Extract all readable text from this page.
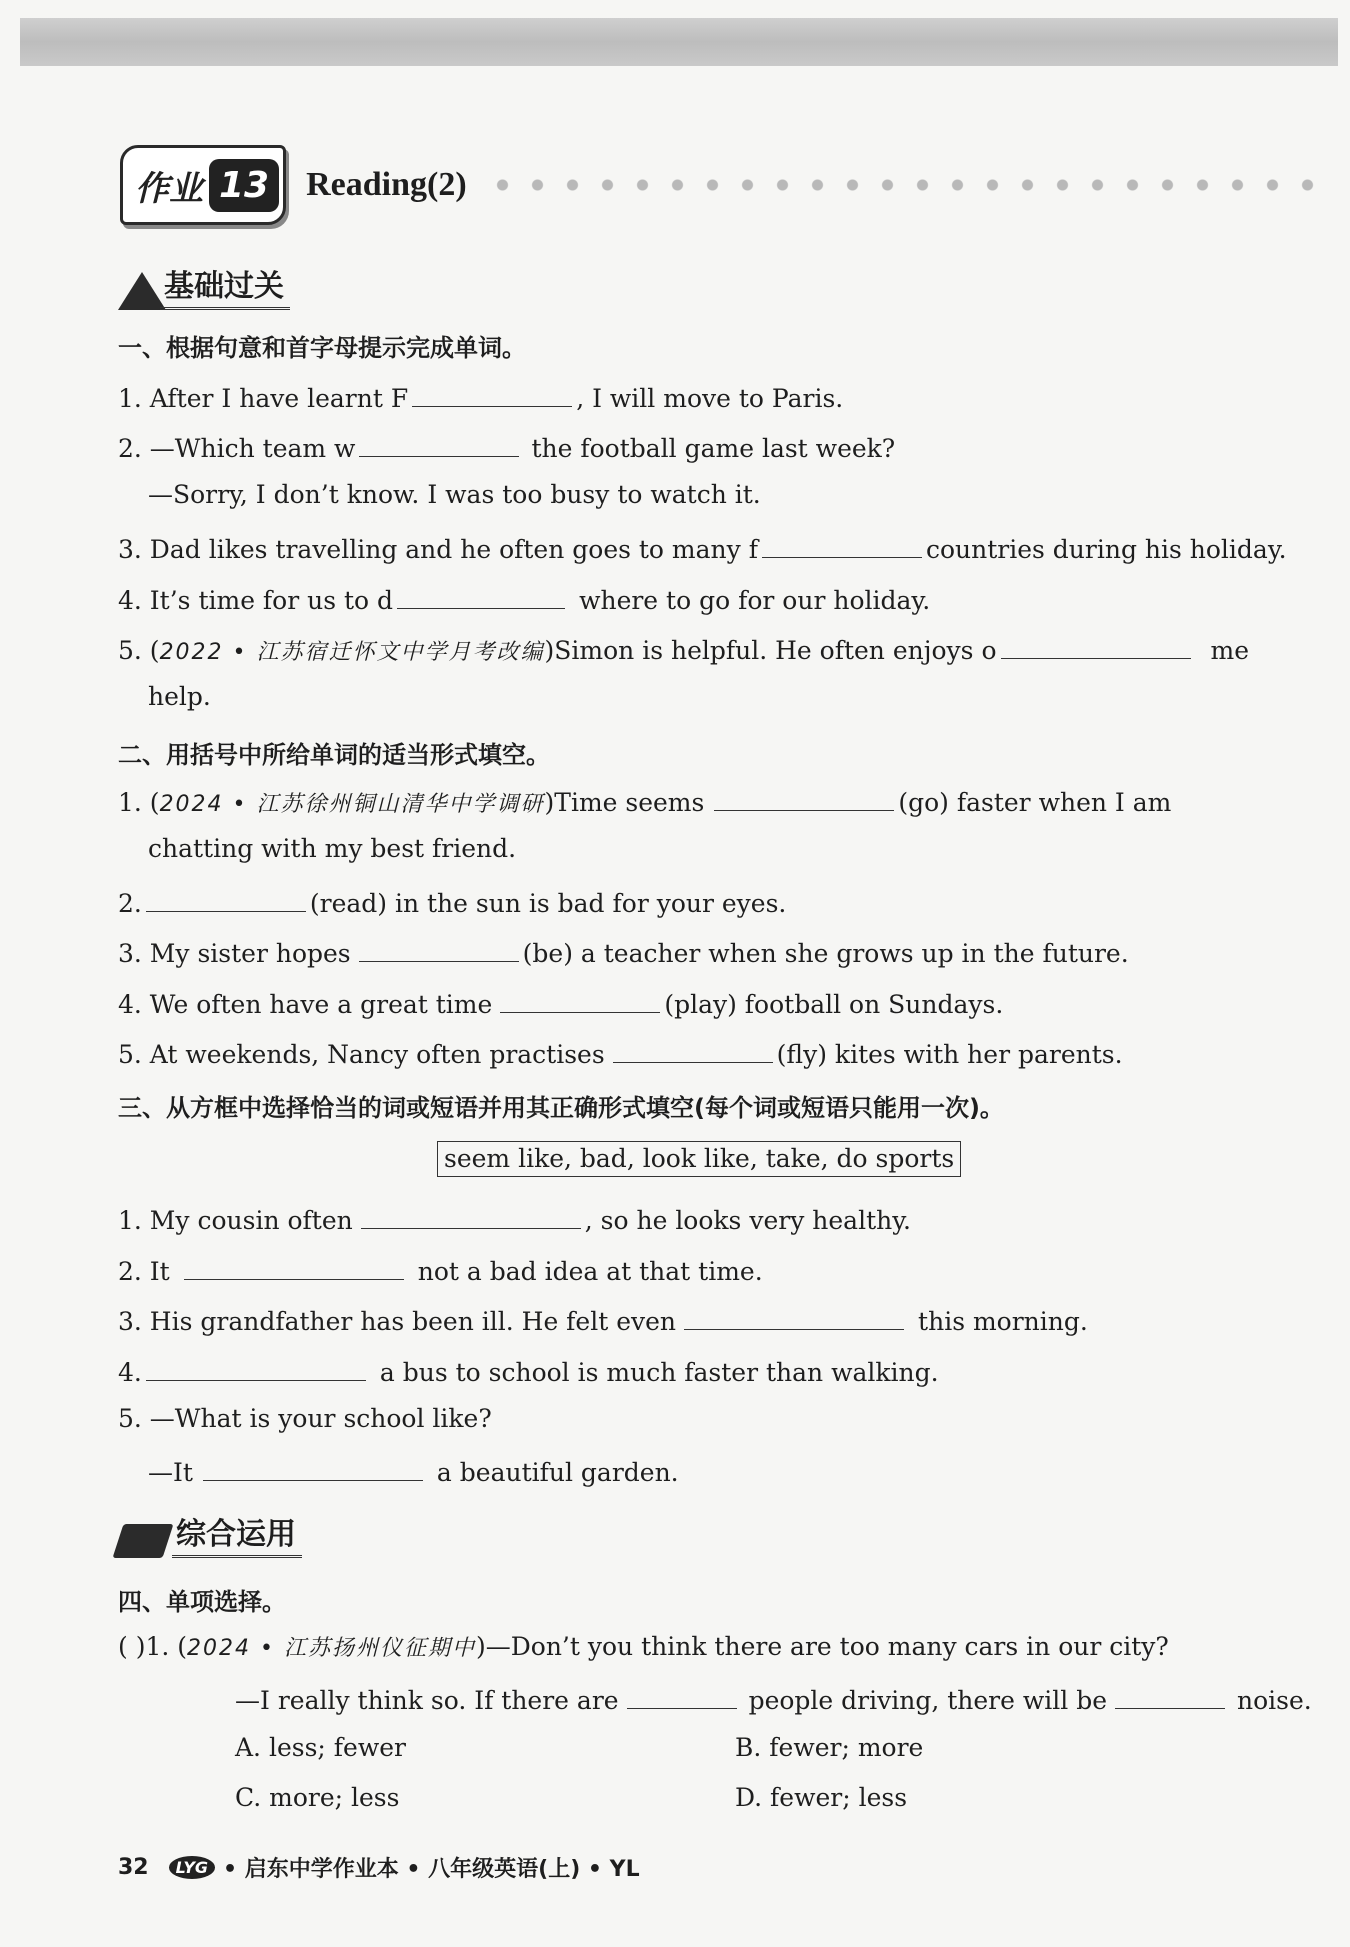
作业 13 Reading(2)
基础过关
一、根据句意和首字母提示完成单词。
1. After I have learnt F	, I will move to Paris.
2. —Which team w	the football game last week?
—Sorry, I don’t know. I was too busy to watch it.
3. Dad likes travelling and he often goes to many f	countries during his holiday.
4. It’s time for us to d	where to go for our holiday.
5. (2022 • 江苏宿迁怀文中学月考改编)Simon is helpful. He often enjoys o	me
help.
二、用括号中所给单词的适当形式填空。
1. (2024 • 江苏徐州铜山清华中学调研)Time seems	(go) faster when I am
chatting with my best friend.
2.	(read) in the sun is bad for your eyes.
3. My sister hopes	(be) a teacher when she grows up in the future.
4. We often have a great time	(play) football on Sundays.
5. At weekends, Nancy often practises	(fly) kites with her parents.
三、从方框中选择恰当的词或短语并用其正确形式填空(每个词或短语只能用一次)。
seem like, bad, look like, take, do sports
1. My cousin often	, so he looks very healthy.
2. It	not a bad idea at that time.
3. His grandfather has been ill. He felt even	this morning.
4.	a bus to school is much faster than walking.
5. —What is your school like?
—It	a beautiful garden.
综合运用
四、单项选择。
( )1. (2024 • 江苏扬州仪征期中)—Don’t you think there are too many cars in our city?
—I really think so. If there are	people driving, there will be	noise.
A. less; fewer	B. fewer; more
C. more; less	D. fewer; less
32	LYG • 启东中学作业本 • 八年级英语(上) • YL
